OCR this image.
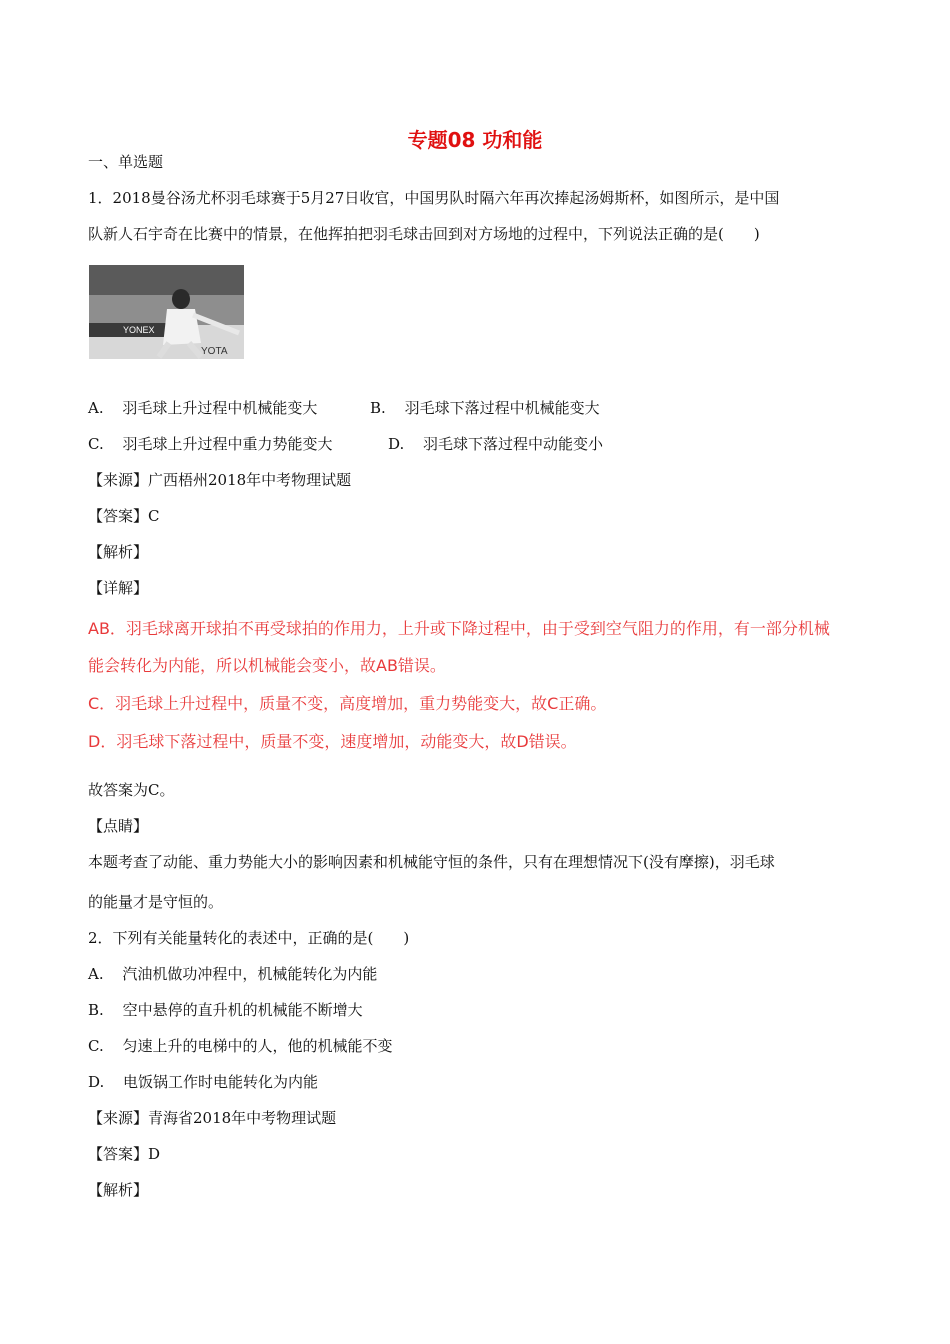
专题08 功和能
一、单选题
1．2018曼谷汤尤杯羽毛球赛于5月27日收官，中国男队时隔六年再次捧起汤姆斯杯，如图所示，是中国
队新人石宇奇在比赛中的情景，在他挥拍把羽毛球击回到对方场地的过程中，下列说法正确的是(　　)
YONEX
YOTA
A. 羽毛球上升过程中机械能变大	B. 羽毛球下落过程中机械能变大
C. 羽毛球上升过程中重力势能变大	D. 羽毛球下落过程中动能变小
【来源】广西梧州2018年中考物理试题
【答案】C
【解析】
【详解】
AB．羽毛球离开球拍不再受球拍的作用力，上升或下降过程中，由于受到空气阻力的作用，有一部分机械
能会转化为内能，所以机械能会变小，故AB错误。
C．羽毛球上升过程中，质量不变，高度增加，重力势能变大，故C正确。
D．羽毛球下落过程中，质量不变，速度增加，动能变大，故D错误。
故答案为C。
【点睛】
本题考查了动能、重力势能大小的影响因素和机械能守恒的条件，只有在理想情况下(没有摩擦)，羽毛球
的能量才是守恒的。
2．下列有关能量转化的表述中，正确的是(　　)
A. 汽油机做功冲程中，机械能转化为内能
B. 空中悬停的直升机的机械能不断增大
C. 匀速上升的电梯中的人，他的机械能不变
D. 电饭锅工作时电能转化为内能
【来源】青海省2018年中考物理试题
【答案】D
【解析】
